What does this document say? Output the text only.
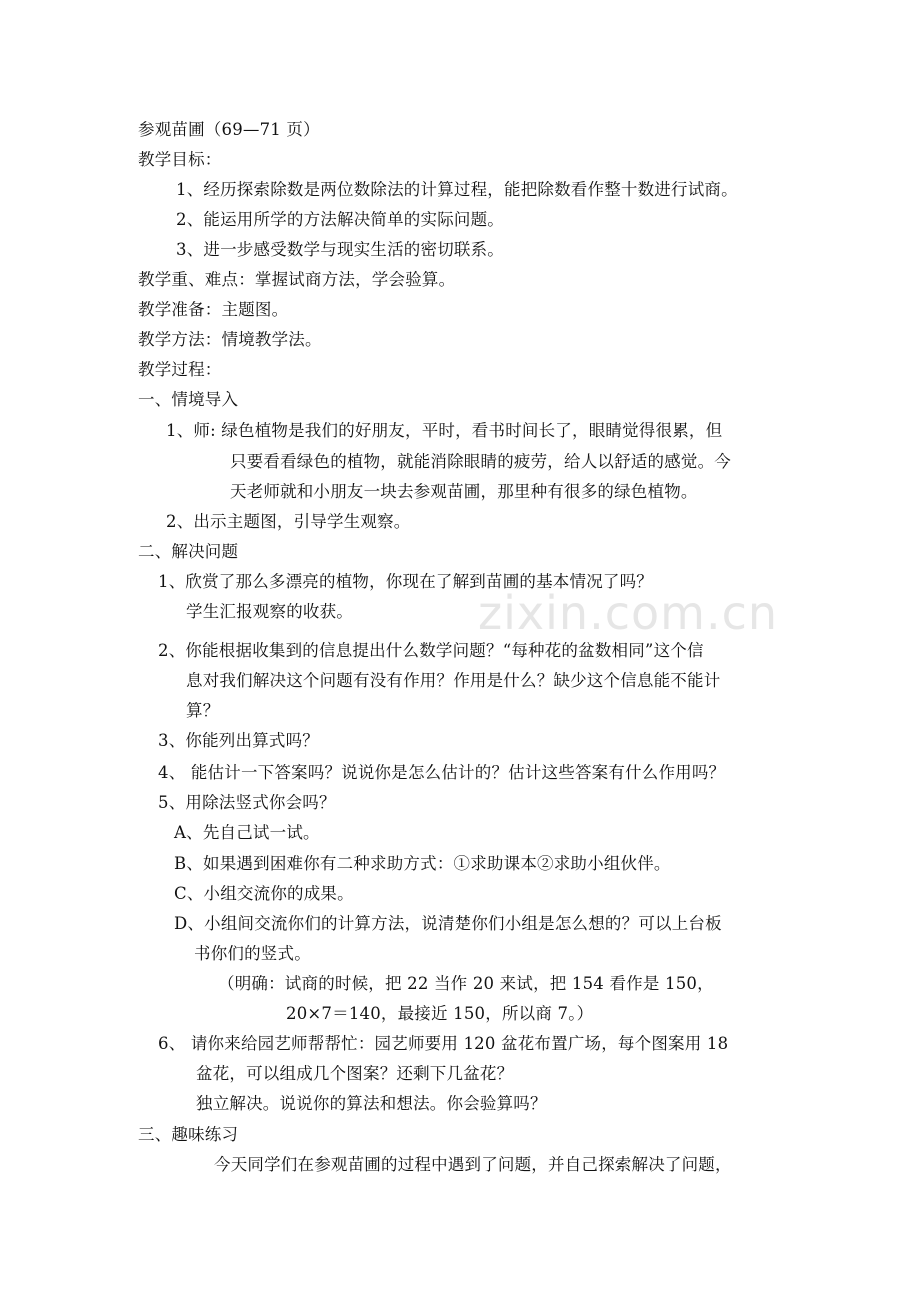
zixin.com.cn
参观苗圃（69—71 页）
教学目标：
1、经历探索除数是两位数除法的计算过程，能把除数看作整十数进行试商。
2、能运用所学的方法解决简单的实际问题。
3、进一步感受数学与现实生活的密切联系。
教学重、难点：掌握试商方法，学会验算。
教学准备：主题图。
教学方法：情境教学法。
教学过程：
一、情境导入
1、师: 绿色植物是我们的好朋友，平时，看书时间长了，眼睛觉得很累，但
只要看看绿色的植物，就能消除眼睛的疲劳，给人以舒适的感觉。今
天老师就和小朋友一块去参观苗圃，那里种有很多的绿色植物。
2、出示主题图，引导学生观察。
二、解决问题
1、欣赏了那么多漂亮的植物，你现在了解到苗圃的基本情况了吗？
学生汇报观察的收获。
2、你能根据收集到的信息提出什么数学问题？“每种花的盆数相同”这个信
息对我们解决这个问题有没有作用？作用是什么？缺少这个信息能不能计
算？
3、你能列出算式吗？
4、 能估计一下答案吗？说说你是怎么估计的？估计这些答案有什么作用吗？
5、用除法竖式你会吗？
A、先自己试一试。
B、如果遇到困难你有二种求助方式：①求助课本②求助小组伙伴。
C、小组交流你的成果。
D、小组间交流你们的计算方法，说清楚你们小组是怎么想的？可以上台板
书你们的竖式。
（明确：试商的时候，把 22 当作 20 来试，把 154 看作是 150，
20×7＝140，最接近 150，所以商 7。）
6、 请你来给园艺师帮帮忙：园艺师要用 120 盆花布置广场，每个图案用 18
盆花，可以组成几个图案？还剩下几盆花？
独立解决。说说你的算法和想法。你会验算吗？
三、趣味练习
今天同学们在参观苗圃的过程中遇到了问题，并自己探索解决了问题，
